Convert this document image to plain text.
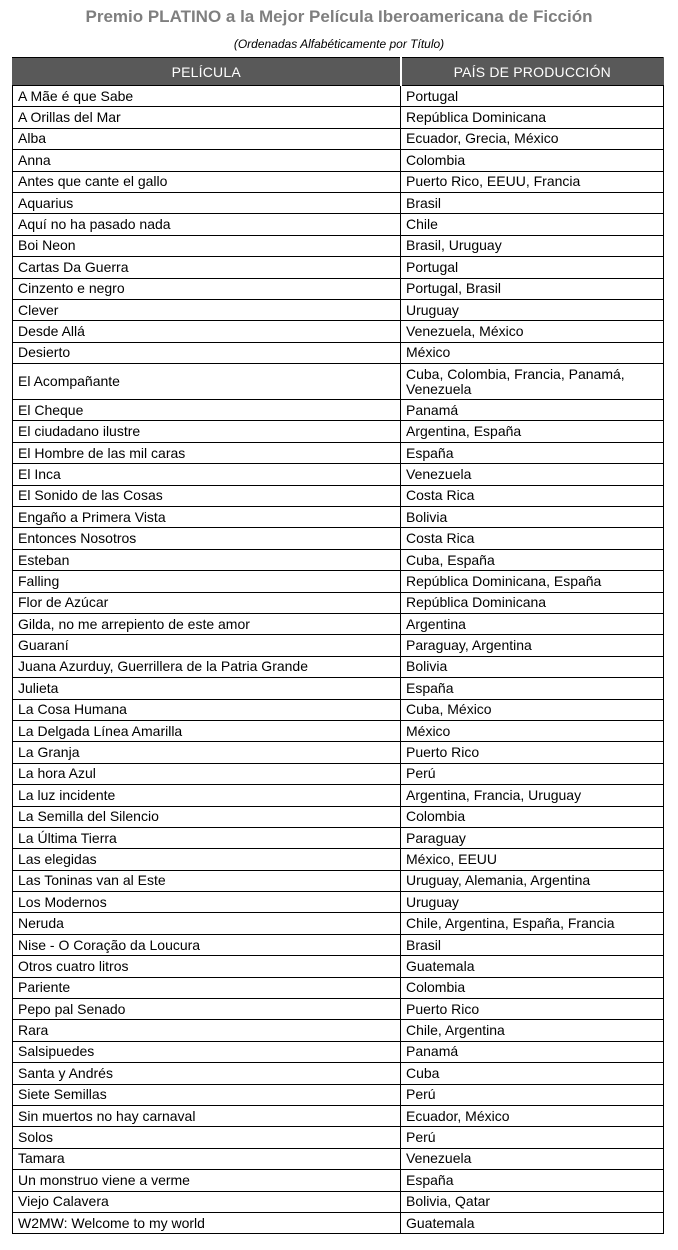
Premio PLATINO a la Mejor Película Iberoamericana de Ficción
(Ordenadas Alfabéticamente por Título)
PELÍCULA	PAÍS DE PRODUCCIÓN
A Mãe é que Sabe	Portugal
A Orillas del Mar	República Dominicana
Alba	Ecuador, Grecia, México
Anna	Colombia
Antes que cante el gallo	Puerto Rico, EEUU, Francia
Aquarius	Brasil
Aquí no ha pasado nada	Chile
Boi Neon	Brasil, Uruguay
Cartas Da Guerra	Portugal
Cinzento e negro	Portugal, Brasil
Clever	Uruguay
Desde Allá	Venezuela, México
Desierto	México
El Acompañante	Cuba, Colombia, Francia, Panamá, Venezuela
El Cheque	Panamá
El ciudadano ilustre	Argentina, España
El Hombre de las mil caras	España
El Inca	Venezuela
El Sonido de las Cosas	Costa Rica
Engaño a Primera Vista	Bolivia
Entonces Nosotros	Costa Rica
Esteban	Cuba, España
Falling	República Dominicana, España
Flor de Azúcar	República Dominicana
Gilda, no me arrepiento de este amor	Argentina
Guaraní	Paraguay, Argentina
Juana Azurduy, Guerrillera de la Patria Grande	Bolivia
Julieta	España
La Cosa Humana	Cuba, México
La Delgada Línea Amarilla	México
La Granja	Puerto Rico
La hora Azul	Perú
La luz incidente	Argentina, Francia, Uruguay
La Semilla del Silencio	Colombia
La Última Tierra	Paraguay
Las elegidas	México, EEUU
Las Toninas van al Este	Uruguay, Alemania, Argentina
Los Modernos	Uruguay
Neruda	Chile, Argentina, España, Francia
Nise - O Coração da Loucura	Brasil
Otros cuatro litros	Guatemala
Pariente	Colombia
Pepo pal Senado	Puerto Rico
Rara	Chile, Argentina
Salsipuedes	Panamá
Santa y Andrés	Cuba
Siete Semillas	Perú
Sin muertos no hay carnaval	Ecuador, México
Solos	Perú
Tamara	Venezuela
Un monstruo viene a verme	España
Viejo Calavera	Bolivia, Qatar
W2MW: Welcome to my world	Guatemala
